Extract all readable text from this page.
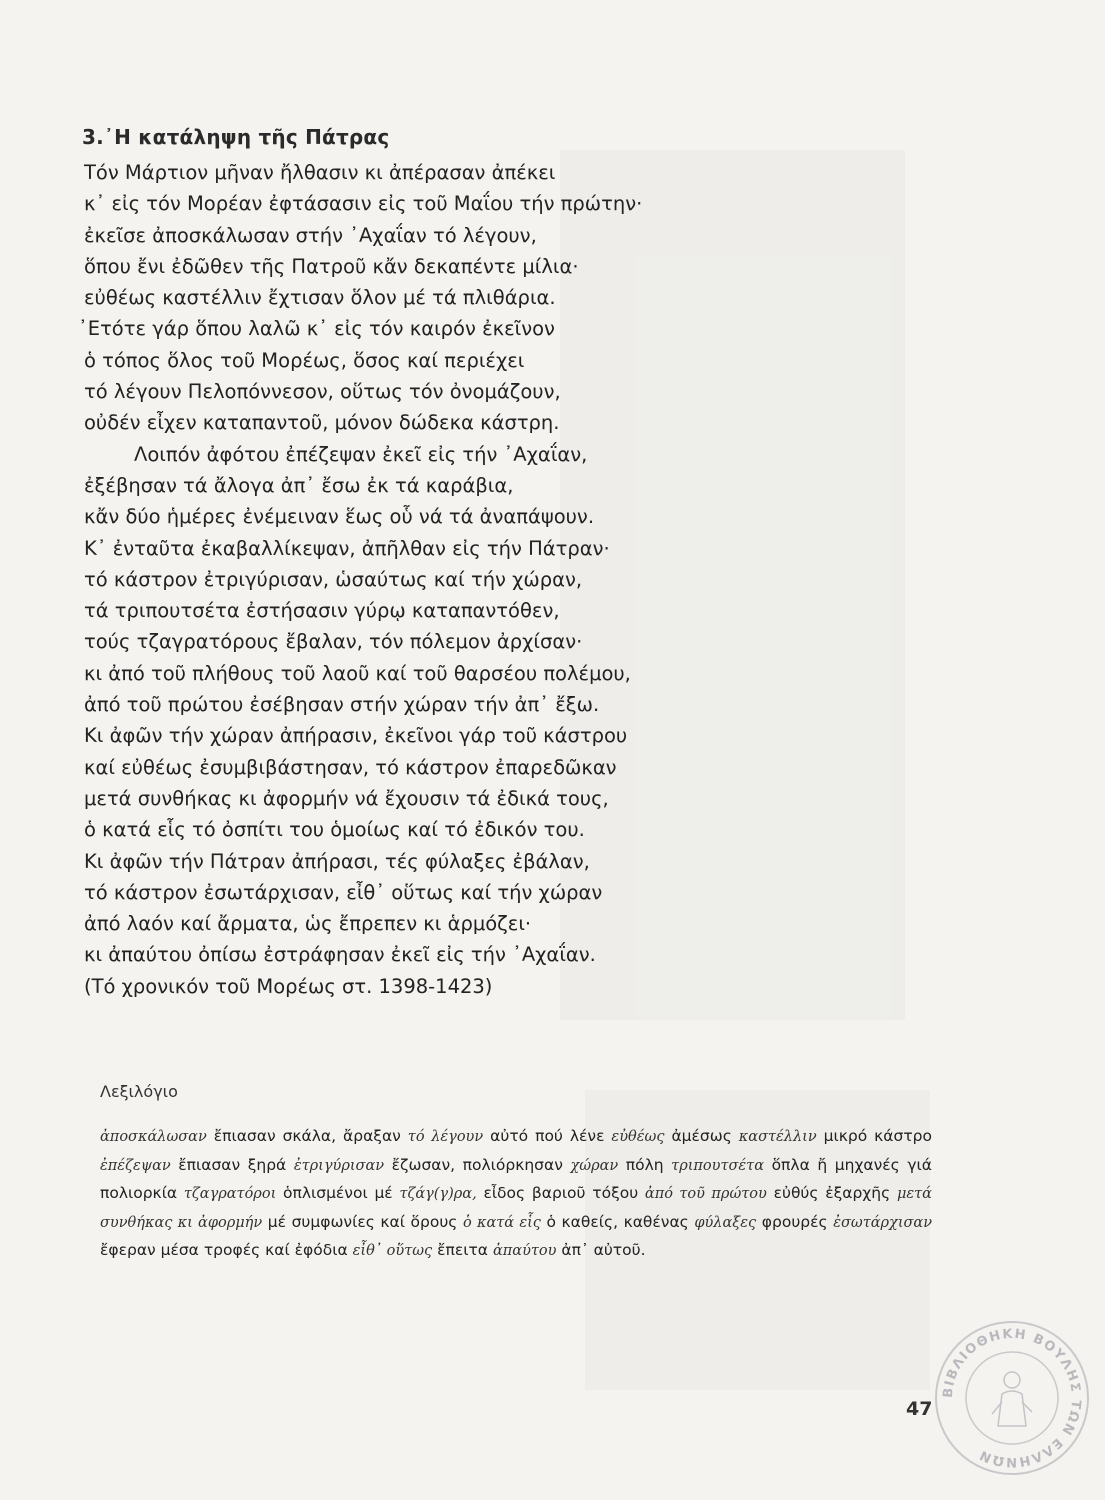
3.᾽Η κατάληψη τῆς Πάτρας
Τόν Μάρτιον μῆναν ἤλθασιν κι ἀπέρασαν ἀπέκει
κ᾽ εἰς τόν Μορέαν ἐφτάσασιν εἰς τοῦ Μαΐου τήν πρώτην·
ἐκεῖσε ἀποσκάλωσαν στήν ᾽Αχαΐαν τό λέγουν,
ὅπου ἔνι ἐδῶθεν τῆς Πατροῦ κἄν δεκαπέντε μίλια·
εὐθέως καστέλλιν ἔχτισαν ὅλον μέ τά πλιθάρια.
᾽Ετότε γάρ ὅπου λαλῶ κ᾽ εἰς τόν καιρόν ἐκεῖνον
ὁ τόπος ὅλος τοῦ Μορέως, ὅσος καί περιέχει
τό λέγουν Πελοπόννεσον, οὕτως τόν ὀνομάζουν,
οὐδέν εἶχεν καταπαντοῦ, μόνον δώδεκα κάστρη.
Λοιπόν ἀφότου ἐπέζεψαν ἐκεῖ εἰς τήν ᾽Αχαΐαν,
ἐξέβησαν τά ἄλογα ἀπ᾽ ἔσω ἐκ τά καράβια,
κἄν δύο ἡμέρες ἐνέμειναν ἕως οὗ νά τά ἀναπάψουν.
Κ᾽ ἐνταῦτα ἐκαβαλλίκεψαν, ἀπῆλθαν εἰς τήν Πάτραν·
τό κάστρον ἐτριγύρισαν, ὡσαύτως καί τήν χώραν,
τά τριπουτσέτα ἐστήσασιν γύρῳ καταπαντόθεν,
τούς τζαγρατόρους ἔβαλαν, τόν πόλεμον ἀρχίσαν·
κι ἀπό τοῦ πλήθους τοῦ λαοῦ καί τοῦ θαρσέου πολέμου,
ἀπό τοῦ πρώτου ἐσέβησαν στήν χώραν τήν ἀπ᾽ ἔξω.
Κι ἀφῶν τήν χώραν ἀπήρασιν, ἐκεῖνοι γάρ τοῦ κάστρου
καί εὐθέως ἐσυμβιβάστησαν, τό κάστρον ἐπαρεδῶκαν
μετά συνθήκας κι ἀφορμήν νά ἔχουσιν τά ἐδικά τους,
ὁ κατά εἷς τό ὀσπίτι του ὁμοίως καί τό ἐδικόν του.
Κι ἀφῶν τήν Πάτραν ἀπήρασι, τές φύλαξες ἐβάλαν,
τό κάστρον ἐσωτάρχισαν, εἶθ᾽ οὕτως καί τήν χώραν
ἀπό λαόν καί ἄρματα, ὡς ἔπρεπεν κι ἁρμόζει·
κι ἀπαύτου ὀπίσω ἐστράφησαν ἐκεῖ εἰς τήν ᾽Αχαΐαν.
(Τό χρονικόν τοῦ Μορέως στ. 1398-1423)
Λεξιλόγιο
ἀποσκάλωσαν ἔπιασαν σκάλα, ἄραξαν τό λέγουν αὐτό πού λένε εὐθέως ἀμέσως καστέλλιν μικρό κάστρο ἐπέζεψαν ἔπιασαν ξηρά ἐτριγύρισαν ἔζωσαν, πολιόρκησαν χώραν πόλη τριπουτσέτα ὅπλα ἤ μηχανές γιά πολιορκία τζαγρατόροι ὁπλισμένοι μέ τζάγ(γ)ρα, εἶδος βαριοῦ τόξου ἀπό τοῦ πρώτου εὐθύς ἐξαρχῆς μετά συνθήκας κι ἀφορμήν μέ συμφωνίες καί ὅρους ὁ κατά εἷς ὁ καθείς, καθένας φύλαξες φρουρές ἐσωτάρχισαν ἔφεραν μέσα τροφές καί ἐφόδια εἶθ᾽ οὕτως ἔπειτα ἀπαύτου ἀπ᾽ αὐτοῦ.
47
ΒΙΒΛΙΟΘΗΚΗ ΒΟΥΛΗΣ ΤΩΝ ΕΛΛΗΝΩΝ
